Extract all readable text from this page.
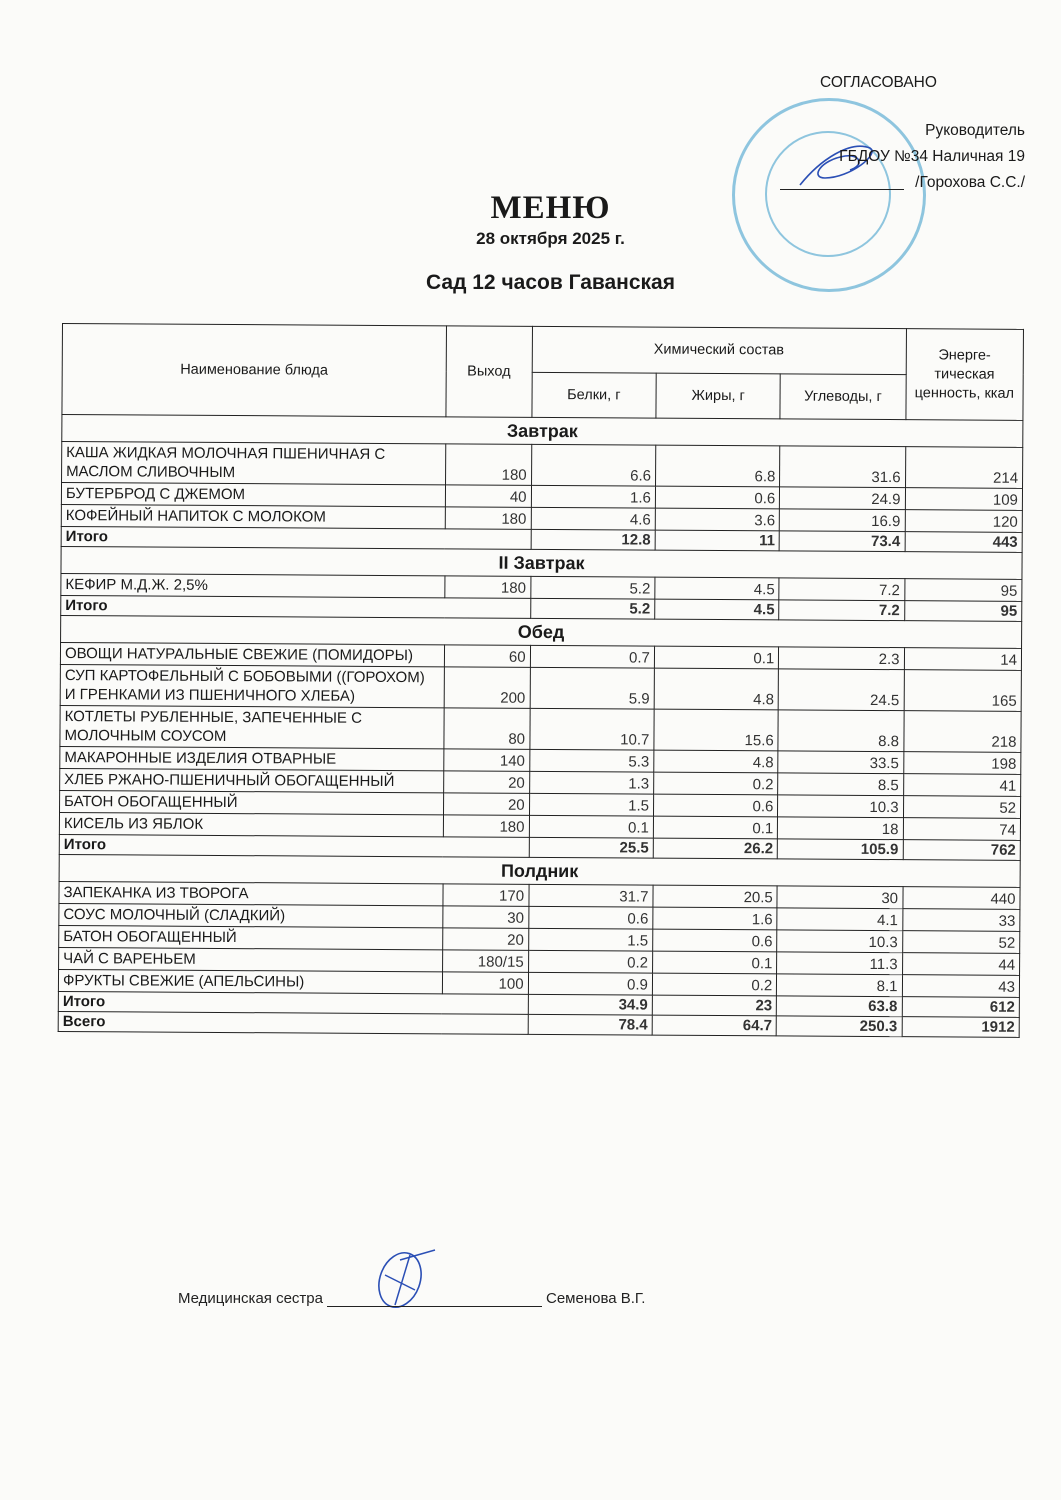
СОГЛАСОВАНО
Руководитель
ГБДОУ №34 Наличная 19
/Горохова С.С./
МЕНЮ
28 октября 2025 г.
Сад 12 часов Гаванская
Наименование блюда	Выход	Химический состав			Энерге-тическая ценность, ккал
		Белки, г	Жиры, г	Углеводы, г	
Завтрак					
КАША ЖИДКАЯ МОЛОЧНАЯ ПШЕНИЧНАЯ С МАСЛОМ СЛИВОЧНЫМ	180	6.6	6.8	31.6	214
БУТЕРБРОД С ДЖЕМОМ	40	1.6	0.6	24.9	109
КОФЕЙНЫЙ НАПИТОК С МОЛОКОМ	180	4.6	3.6	16.9	120
Итого		12.8	11	73.4	443
II Завтрак					
КЕФИР М.Д.Ж. 2,5%	180	5.2	4.5	7.2	95
Итого		5.2	4.5	7.2	95
Обед					
ОВОЩИ НАТУРАЛЬНЫЕ СВЕЖИЕ (ПОМИДОРЫ)	60	0.7	0.1	2.3	14
СУП КАРТОФЕЛЬНЫЙ С БОБОВЫМИ ((ГОРОХОМ) И ГРЕНКАМИ ИЗ ПШЕНИЧНОГО ХЛЕБА)	200	5.9	4.8	24.5	165
КОТЛЕТЫ РУБЛЕННЫЕ, ЗАПЕЧЕННЫЕ С МОЛОЧНЫМ СОУСОМ	80	10.7	15.6	8.8	218
МАКАРОННЫЕ ИЗДЕЛИЯ ОТВАРНЫЕ	140	5.3	4.8	33.5	198
ХЛЕБ РЖАНО-ПШЕНИЧНЫЙ ОБОГАЩЕННЫЙ	20	1.3	0.2	8.5	41
БАТОН ОБОГАЩЕННЫЙ	20	1.5	0.6	10.3	52
КИСЕЛЬ ИЗ ЯБЛОК	180	0.1	0.1	18	74
Итого		25.5	26.2	105.9	762
Полдник					
ЗАПЕКАНКА ИЗ ТВОРОГА	170	31.7	20.5	30	440
СОУС МОЛОЧНЫЙ (СЛАДКИЙ)	30	0.6	1.6	4.1	33
БАТОН ОБОГАЩЕННЫЙ	20	1.5	0.6	10.3	52
ЧАЙ С ВАРЕНЬЕМ	180/15	0.2	0.1	11.3	44
ФРУКТЫ СВЕЖИЕ (АПЕЛЬСИНЫ)	100	0.9	0.2	8.1	43
Итого		34.9	23	63.8	612
Всего		78.4	64.7	250.3	1912
Медицинская сестра	Семенова В.Г.
